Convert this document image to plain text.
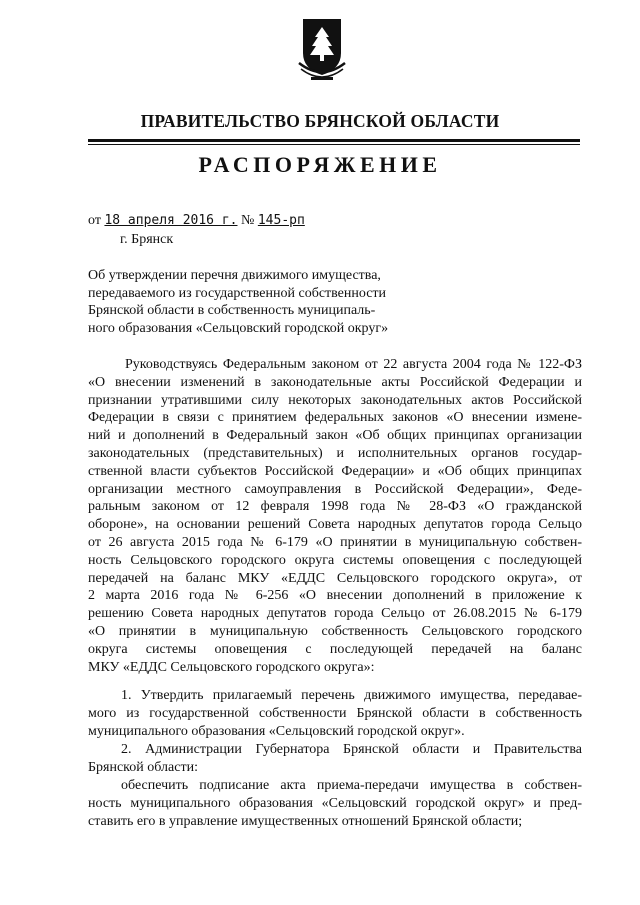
ПРАВИТЕЛЬСТВО БРЯНСКОЙ ОБЛАСТИ
РАСПОРЯЖЕНИЕ
от 18 апреля 2016 г. № 145-рп
г. Брянск
Об утверждении перечня движимого имущества,
передаваемого из государственной собственности
Брянской области в собственность муниципаль-
ного образования «Сельцовский городской округ»
Руководствуясь Федеральным законом от 22 августа 2004 года № 122-ФЗ
«О внесении изменений в законодательные акты Российской Федерации и
признании утратившими силу некоторых законодательных актов Российской
Федерации в связи с принятием федеральных законов «О внесении измене-
ний и дополнений в Федеральный закон «Об общих принципах организации
законодательных (представительных) и исполнительных органов государ-
ственной власти субъектов Российской Федерации» и «Об общих принципах
организации местного самоуправления в Российской Федерации», Феде-
ральным законом от 12 февраля 1998 года № 28-ФЗ «О гражданской
обороне», на основании решений Совета народных депутатов города Сельцо
от 26 августа 2015 года № 6-179 «О принятии в муниципальную собствен-
ность Сельцовского городского округа системы оповещения с последующей
передачей на баланс МКУ «ЕДДС Сельцовского городского округа», от
2 марта 2016 года № 6-256 «О внесении дополнений в приложение к
решению Совета народных депутатов города Сельцо от 26.08.2015 № 6-179
«О принятии в муниципальную собственность Сельцовского городского
округа системы оповещения с последующей передачей на баланс
МКУ «ЕДДС Сельцовского городского округа»:
1. Утвердить прилагаемый перечень движимого имущества, передавае-
мого из государственной собственности Брянской области в собственность
муниципального образования «Сельцовский городской округ».
2. Администрации Губернатора Брянской области и Правительства
Брянской области:
обеспечить подписание акта приема-передачи имущества в собствен-
ность муниципального образования «Сельцовский городской округ» и пред-
ставить его в управление имущественных отношений Брянской области;
